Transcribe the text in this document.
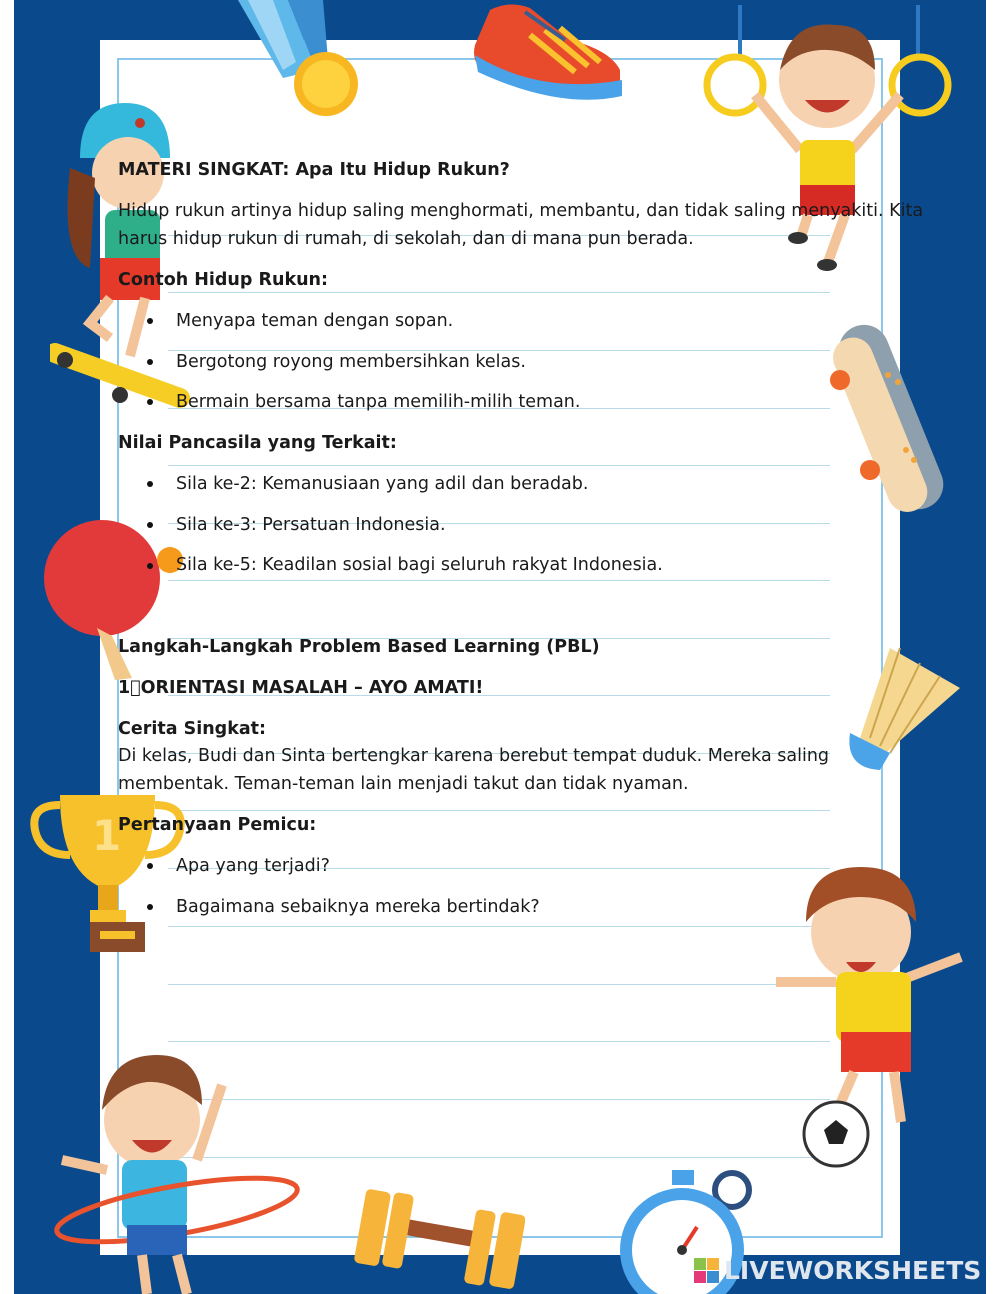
1
MATERI SINGKAT: Apa Itu Hidup Rukun?
Hidup rukun artinya hidup saling menghormati, membantu, dan tidak saling menyakiti. Kita
harus hidup rukun di rumah, di sekolah, dan di mana pun berada.
Contoh Hidup Rukun:
Menyapa teman dengan sopan.
Bergotong royong membersihkan kelas.
Bermain bersama tanpa memilih-milih teman.
Nilai Pancasila yang Terkait:
Sila ke-2: Kemanusiaan yang adil dan beradab.
Sila ke-3: Persatuan Indonesia.
Sila ke-5: Keadilan sosial bagi seluruh rakyat Indonesia.
Langkah-Langkah Problem Based Learning (PBL)
1⃣ORIENTASI MASALAH – AYO AMATI!
Cerita Singkat:
Di kelas, Budi dan Sinta bertengkar karena berebut tempat duduk. Mereka saling
membentak. Teman-teman lain menjadi takut dan tidak nyaman.
Pertanyaan Pemicu:
Apa yang terjadi?
Bagaimana sebaiknya mereka bertindak?
LIVEWORKSHEETS
